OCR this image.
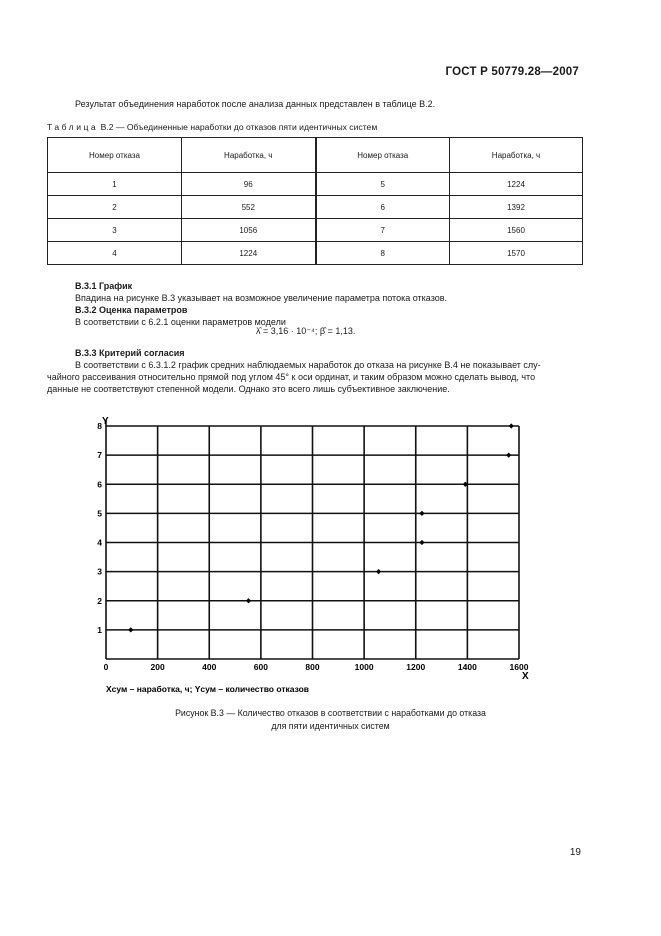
ГОСТ Р 50779.28—2007
Результат объединения наработок после анализа данных представлен в таблице В.2.
Таблица В.2 — Объединенные наработки до отказов пяти идентичных систем
Номер отказа	Наработка, ч	Номер отказа	Наработка, ч
1	96	5	1224
2	552	6	1392
3	1056	7	1560
4	1224	8	1570
В.3.1 График
Впадина на рисунке В.3 указывает на возможное увеличение параметра потока отказов.
В.3.2 Оценка параметров
В соответствии с 6.2.1 оценки параметров модели
λ̂ = 3,16 · 10⁻⁴; β̂ = 1,13.
В.3.3 Критерий согласия
В соответствии с 6.3.1.2 график средних наблюдаемых наработок до отказа на рисунке В.4 не показывает слу-
чайного рассеивания относительно прямой под углом 45° к оси ординат, и таким образом можно сделать вывод, что
данные не соответствуют степенной модели. Однако это всего лишь субъективное заключение.
0	200	400	600	800	1000	1200	1400	1600
1
2
3
4
5
6
7
8 Y
X
Xсум – наработка, ч; Yсум – количество отказов
Рисунок В.3 — Количество отказов в соответствии с наработками до отказа
для пяти идентичных систем
19
